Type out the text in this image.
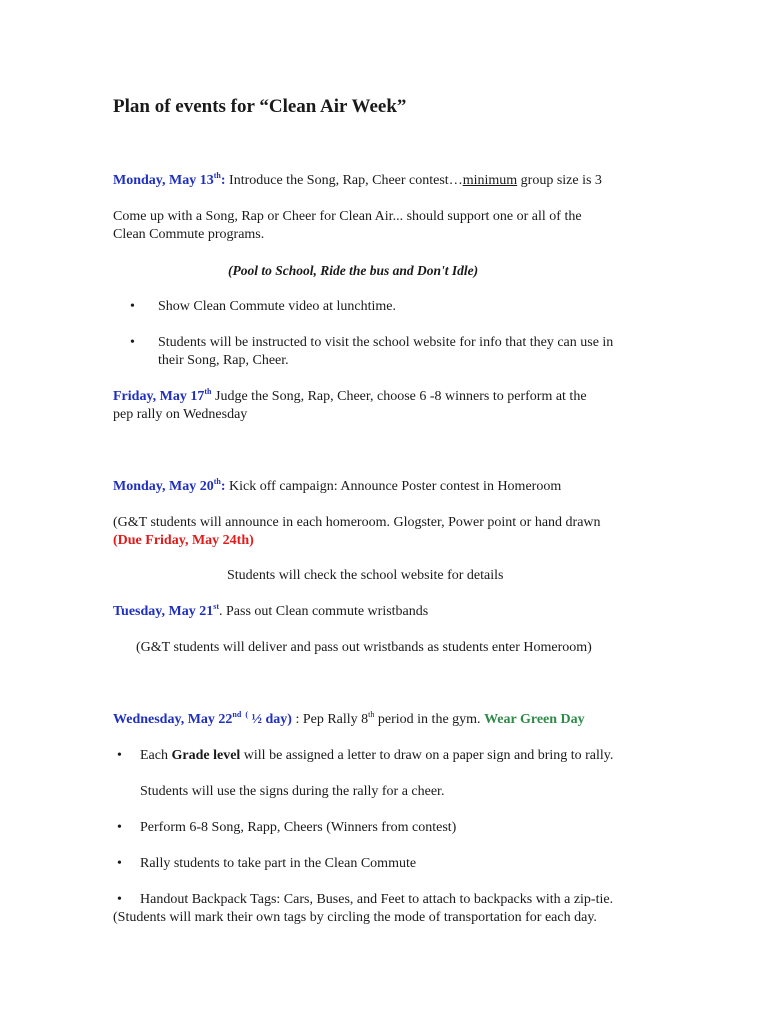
Plan of events for “Clean Air Week”
Monday, May 13th: Introduce the Song, Rap, Cheer contest…minimum group size is 3
Come up with a Song, Rap or Cheer for Clean Air... should support one or all of the
Clean Commute programs.
(Pool to School, Ride the bus and Don't Idle)
• Show Clean Commute video at lunchtime.
• Students will be instructed to visit the school website for info that they can use in
their Song, Rap, Cheer.
Friday, May 17th Judge the Song, Rap, Cheer, choose 6 -8 winners to perform at the
pep rally on Wednesday
Monday, May 20th: Kick off campaign: Announce Poster contest in Homeroom
(G&T students will announce in each homeroom. Glogster, Power point or hand drawn
(Due Friday, May 24th)
Students will check the school website for details
Tuesday, May 21st. Pass out Clean commute wristbands
(G&T students will deliver and pass out wristbands as students enter Homeroom)
Wednesday, May 22nd ( ½ day) : Pep Rally 8th period in the gym. Wear Green Day
• Each Grade level will be assigned a letter to draw on a paper sign and bring to rally.
Students will use the signs during the rally for a cheer.
• Perform 6-8 Song, Rapp, Cheers (Winners from contest)
• Rally students to take part in the Clean Commute
• Handout Backpack Tags: Cars, Buses, and Feet to attach to backpacks with a zip-tie.
(Students will mark their own tags by circling the mode of transportation for each day.
